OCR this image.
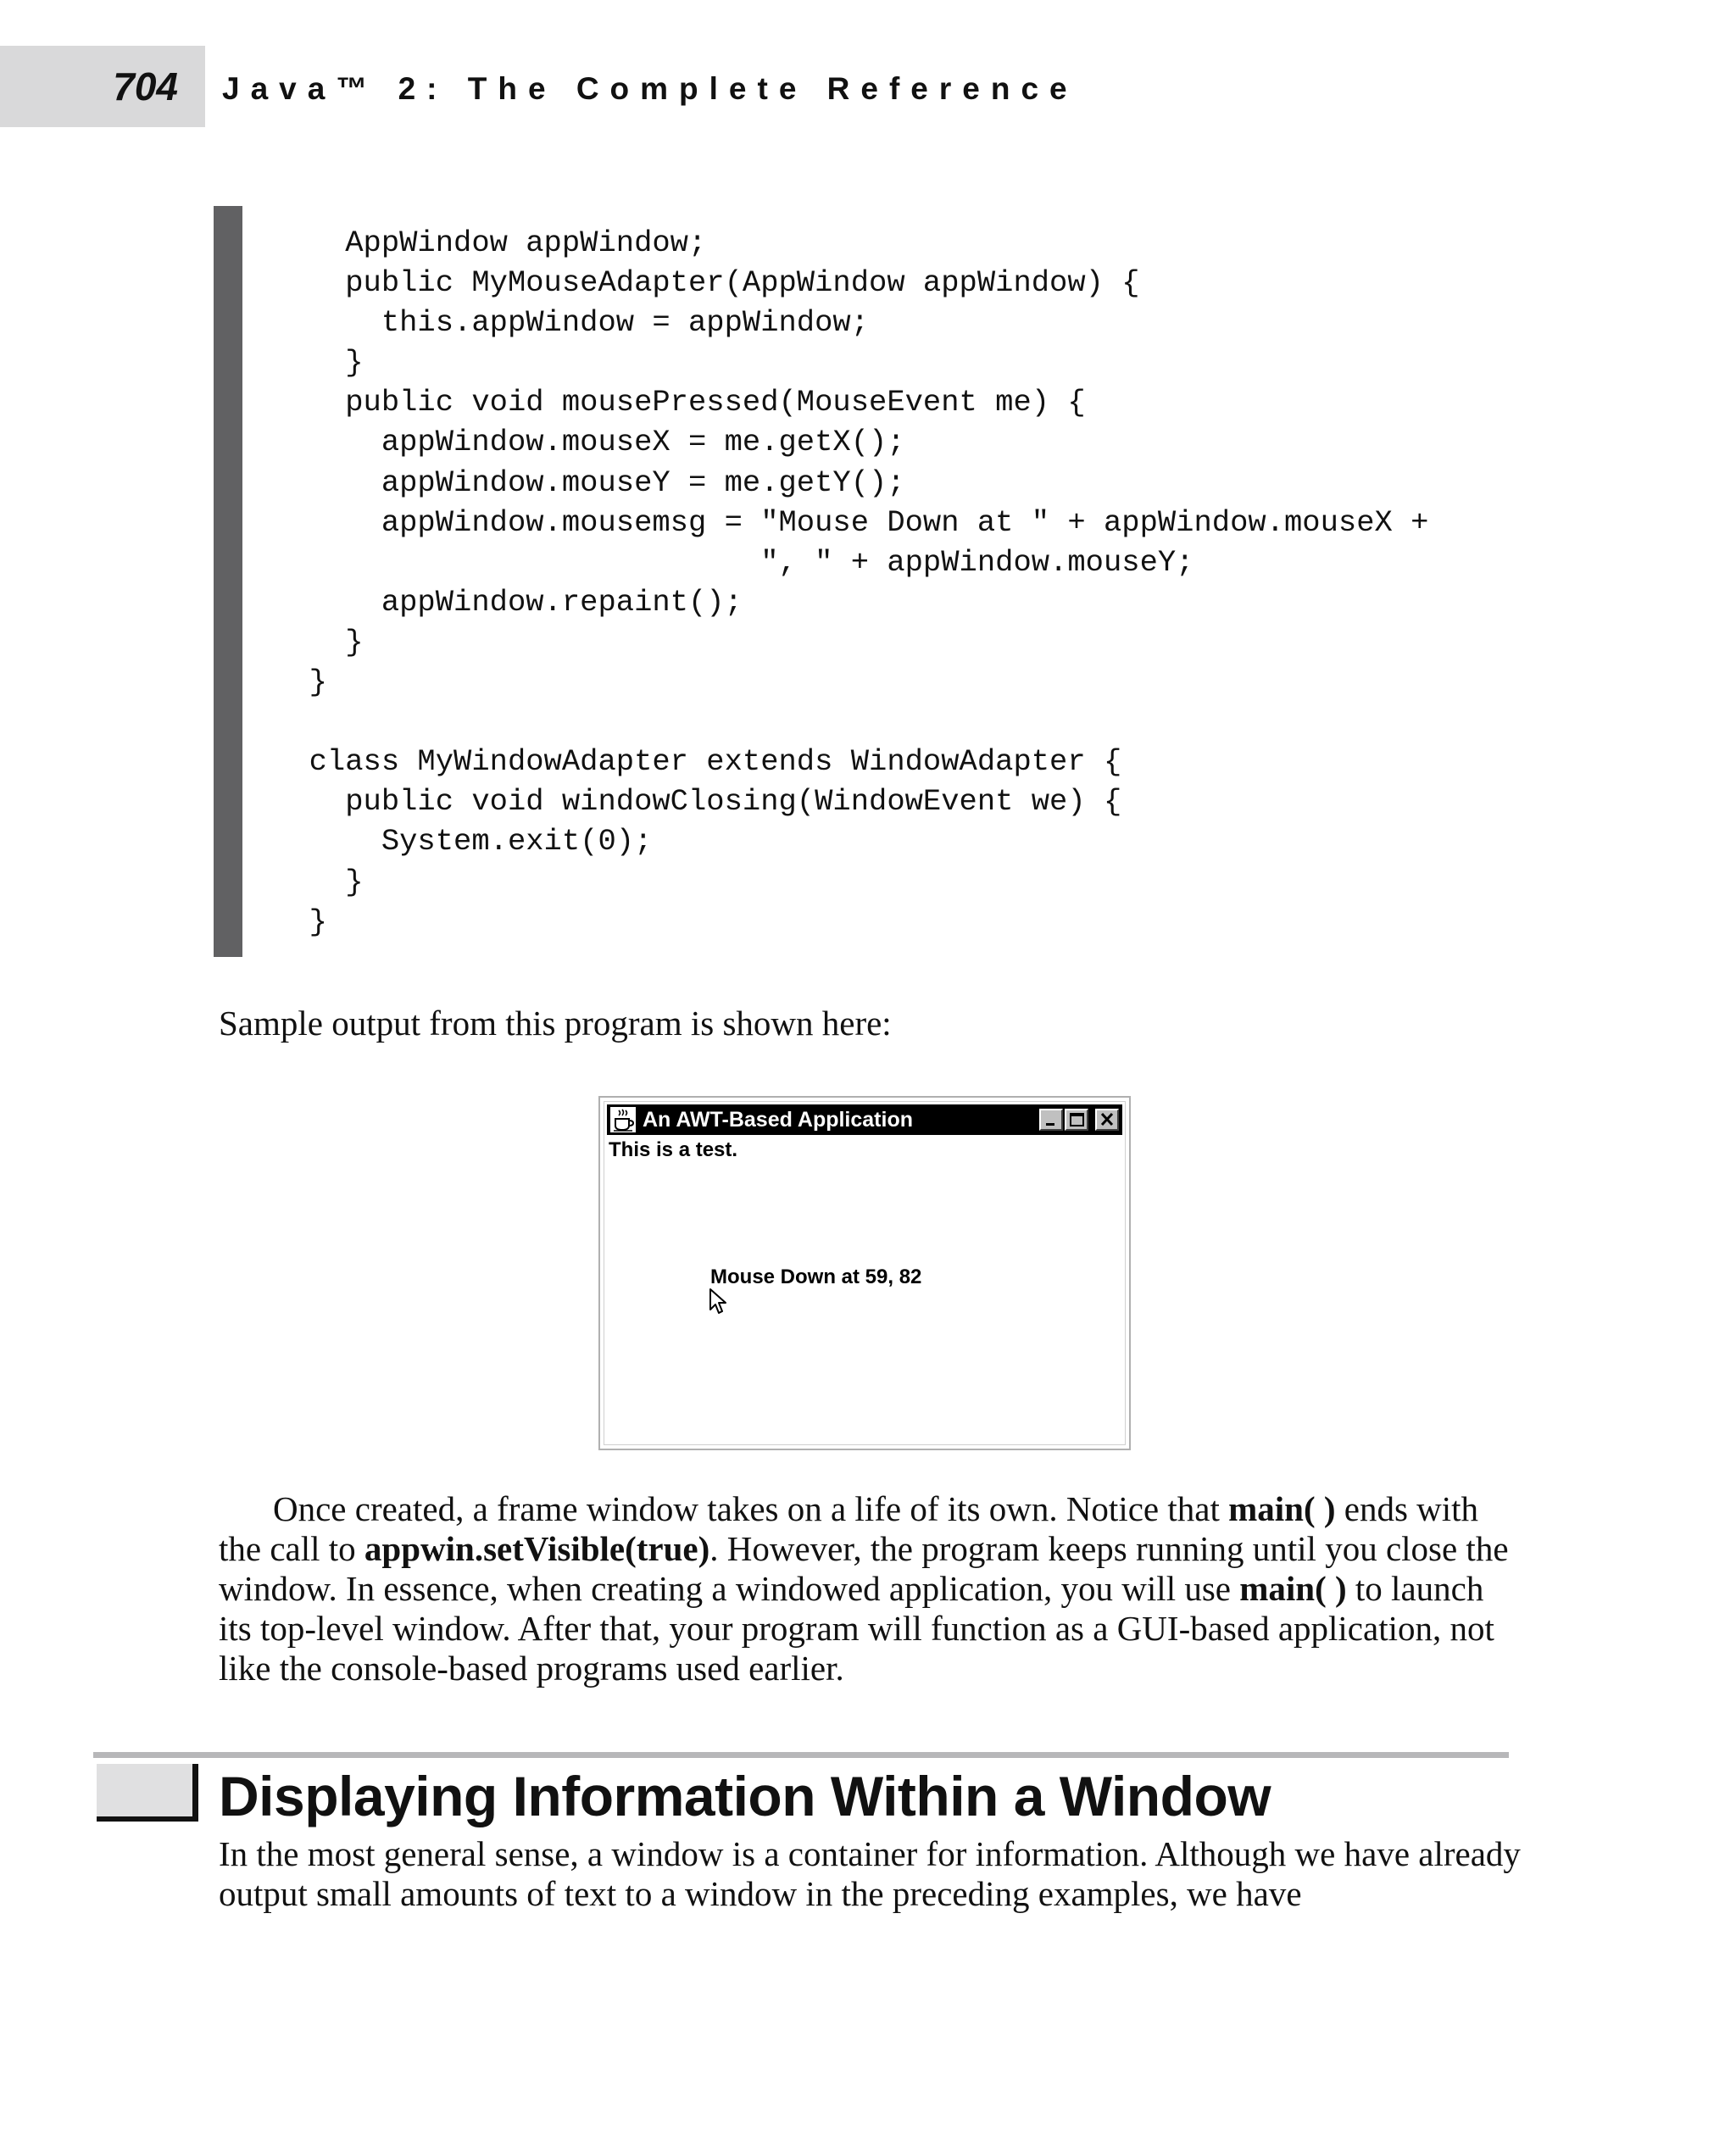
704 Java™ 2: The Complete Reference
AppWindow appWindow;
public MyMouseAdapter(AppWindow appWindow) {
this.appWindow = appWindow;
}
public void mousePressed(MouseEvent me) {
appWindow.mouseX = me.getX();
appWindow.mouseY = me.getY();
appWindow.mousemsg = "Mouse Down at " + appWindow.mouseX +
", " + appWindow.mouseY;
appWindow.repaint();
}
}

class MyWindowAdapter extends WindowAdapter {
public void windowClosing(WindowEvent we) {
System.exit(0);
}
}

Sample output from this program is shown here:

An AWT-Based Application
This is a test.
Mouse Down at 59, 82

Once created, a frame window takes on a life of its own. Notice that main( ) ends with the call to appwin.setVisible(true). However, the program keeps running until you close the window. In essence, when creating a windowed application, you will use main( ) to launch its top-level window. After that, your program will function as a GUI-based application, not like the console-based programs used earlier.

Displaying Information Within a Window

In the most general sense, a window is a container for information. Although we have already output small amounts of text to a window in the preceding examples, we have
